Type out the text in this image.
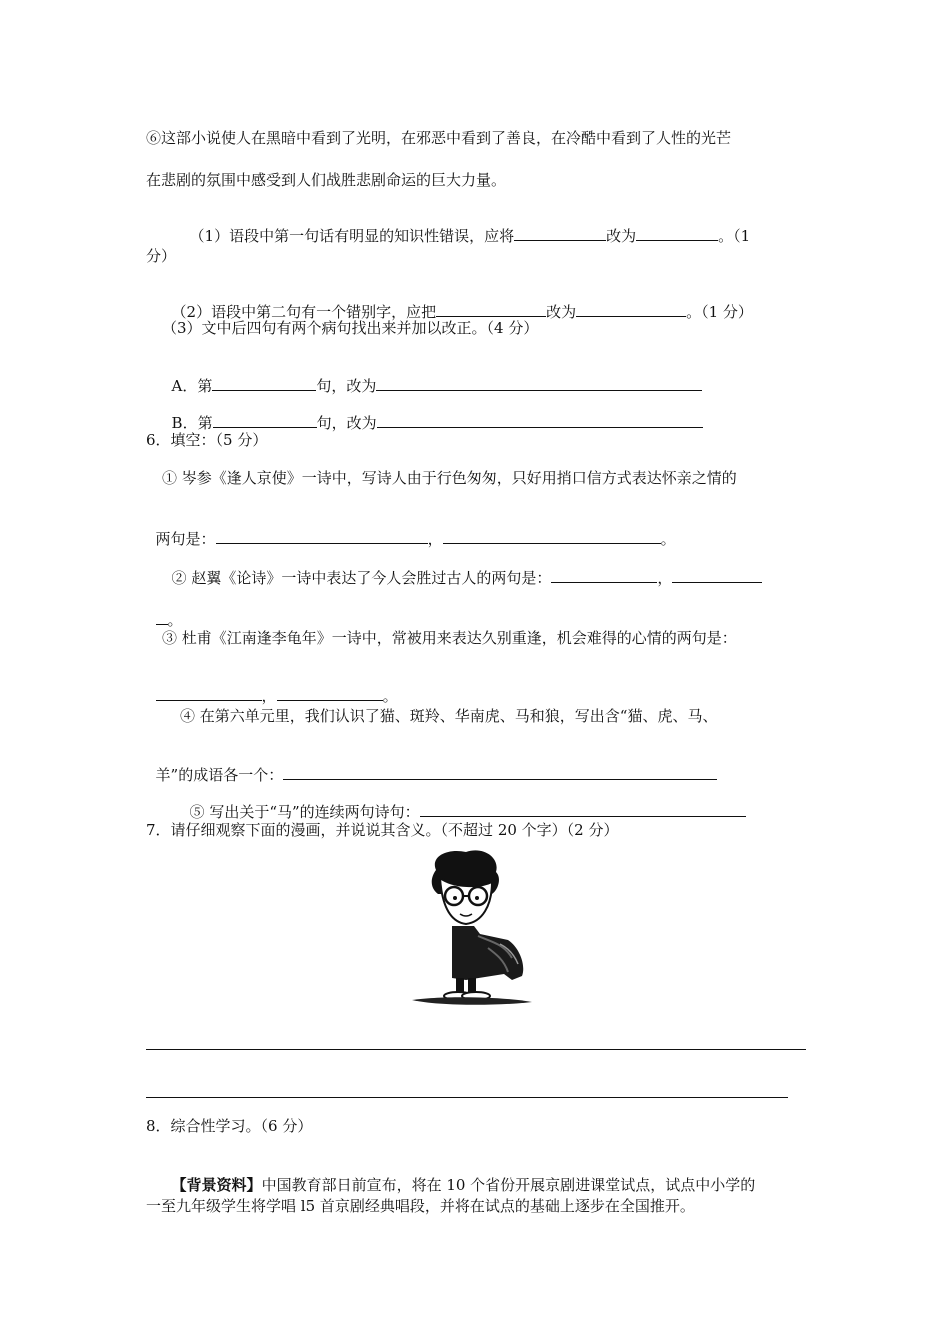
⑥这部小说使人在黑暗中看到了光明，在邪恶中看到了善良，在冷酷中看到了人性的光芒
在悲剧的氛围中感受到人们战胜悲剧命运的巨大力量。

（1）语段中第一句话有明显的知识性错误，应将	改为	。（1

分）

（2）语段中第二句有一个错别字，应把	改为	。（1 分）

（3）文中后四句有两个病句找出来并加以改正。（4 分）

A．第	句，改为

B．第	句，改为

6．填空：（5 分）
① 岑参《逢人京使》一诗中，写诗人由于行色匆匆，只好用捎口信方式表达怀亲之情的

两句是：	，	。

② 赵翼《论诗》一诗中表达了今人会胜过古人的两句是：	，

。

③ 杜甫《江南逢李龟年》一诗中，常被用来表达久别重逢，机会难得的心情的两句是：

，	。

④ 在第六单元里，我们认识了猫、斑羚、华南虎、马和狼，写出含“猫、虎、马、

羊”的成语各一个：

⑤ 写出关于“马”的连续两句诗句：

7．请仔细观察下面的漫画，并说说其含义。（不超过 20 个字）（2 分）
8．综合性学习。（6 分）

【背景资料】中国教育部日前宣布，将在 10 个省份开展京剧进课堂试点，试点中小学的

一至九年级学生将学唱 l5 首京剧经典唱段，并将在试点的基础上逐步在全国推开。
